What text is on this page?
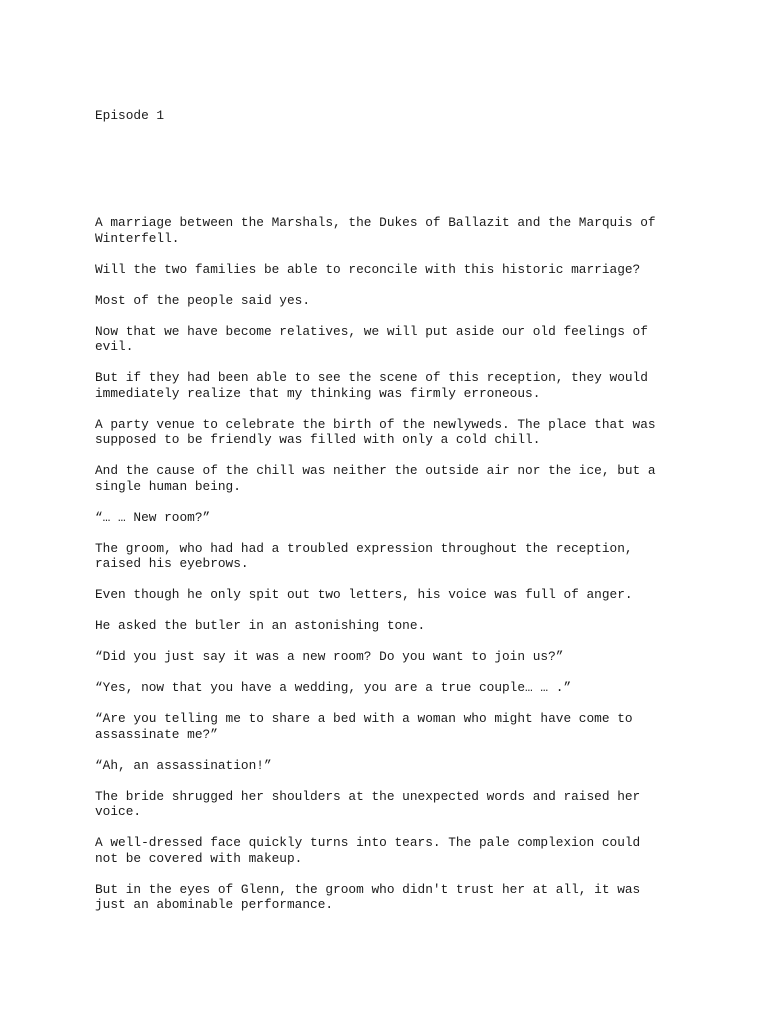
Episode 1

A marriage between the Marshals, the Dukes of Ballazit and the Marquis of
Winterfell.

Will the two families be able to reconcile with this historic marriage?

Most of the people said yes.

Now that we have become relatives, we will put aside our old feelings of
evil.

But if they had been able to see the scene of this reception, they would
immediately realize that my thinking was firmly erroneous.

A party venue to celebrate the birth of the newlyweds. The place that was
supposed to be friendly was filled with only a cold chill.

And the cause of the chill was neither the outside air nor the ice, but a
single human being.

“… … New room?”

The groom, who had had a troubled expression throughout the reception,
raised his eyebrows.

Even though he only spit out two letters, his voice was full of anger.

He asked the butler in an astonishing tone.

“Did you just say it was a new room? Do you want to join us?”

“Yes, now that you have a wedding, you are a true couple… … .”

“Are you telling me to share a bed with a woman who might have come to
assassinate me?”

“Ah, an assassination!”

The bride shrugged her shoulders at the unexpected words and raised her
voice.

A well-dressed face quickly turns into tears. The pale complexion could
not be covered with makeup.

But in the eyes of Glenn, the groom who didn't trust her at all, it was
just an abominable performance.
